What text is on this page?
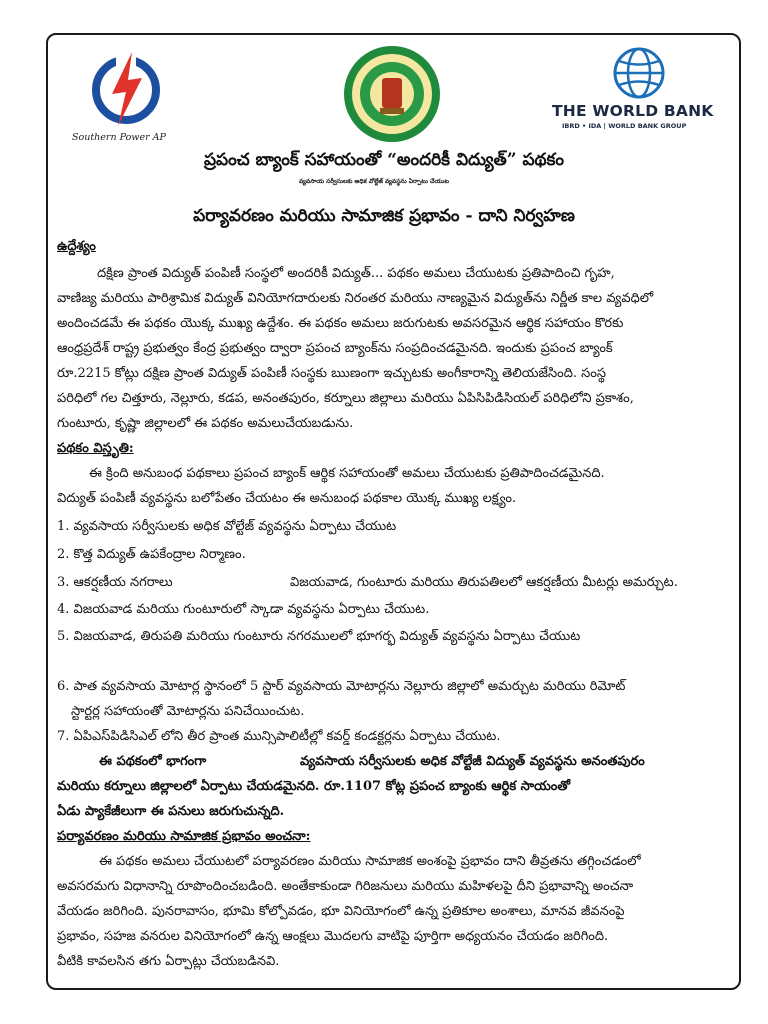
Southern Power AP
THE WORLD BANK
IBRD • IDA | WORLD BANK GROUP
ప్రపంచ బ్యాంక్ సహాయంతో “అందరికీ విద్యుత్” పథకం
వ్యవసాయ సర్వీసులకు అధిక వోల్టేజ్ వ్యవస్థను ఏర్పాటు చేయుట
పర్యావరణం మరియు సామాజిక ప్రభావం - దాని నిర్వహణ
ఉద్దేశ్యం
దక్షిణ ప్రాంత విద్యుత్ పంపిణీ సంస్థలో అందరికీ విద్యుత్... పథకం అమలు చేయుటకు ప్రతిపాదించి గృహ,
వాణిజ్య మరియు పారిశ్రామిక విద్యుత్ వినియోగదారులకు నిరంతర మరియు నాణ్యమైన విద్యుత్‌ను నిర్ణీత కాల వ్యవధిలో
అందించడమే ఈ పథకం యొక్క ముఖ్య ఉద్దేశం. ఈ పథకం అమలు జరుగుటకు అవసరమైన ఆర్థిక సహాయం కొరకు
ఆంధ్రప్రదేశ్ రాష్ట్ర ప్రభుత్వం కేంద్ర ప్రభుత్వం ద్వారా ప్రపంచ బ్యాంక్‌ను సంప్రదించడమైనది. ఇందుకు ప్రపంచ బ్యాంక్
రూ.2215 కోట్లు దక్షిణ ప్రాంత విద్యుత్ పంపిణీ సంస్థకు ఋణంగా ఇచ్చుటకు అంగీకారాన్ని తెలియజేసింది. సంస్థ
పరిధిలో గల చిత్తూరు, నెల్లూరు, కడప, అనంతపురం, కర్నూలు జిల్లాలు మరియు ఏపిసిపిడిసియల్ పరిధిలోని ప్రకాశం,
గుంటూరు, కృష్ణా జిల్లాలలో ఈ పథకం అమలుచేయబడును.
పథకం విస్తృతి:
ఈ క్రింది అనుబంధ పథకాలు ప్రపంచ బ్యాంక్ ఆర్థిక సహాయంతో అమలు చేయుటకు ప్రతిపాదించడమైనది.
విద్యుత్ పంపిణీ వ్యవస్థను బలోపేతం చేయటం ఈ అనుబంధ పథకాల యొక్క ముఖ్య లక్ష్యం.
1. వ్యవసాయ సర్వీసులకు అధిక వోల్టేజ్ వ్యవస్థను ఏర్పాటు చేయుట
2. కొత్త విద్యుత్ ఉపకేంద్రాల నిర్మాణం.
3. ఆకర్షణీయ నగరాలు	విజయవాడ, గుంటూరు మరియు తిరుపతిలలో ఆకర్షణీయ మీటర్లు అమర్చుట.
4. విజయవాడ మరియు గుంటూరులో స్కాడా వ్యవస్థను ఏర్పాటు చేయుట.
5. విజయవాడ, తిరుపతి మరియు గుంటూరు నగరములలో భూగర్భ విద్యుత్ వ్యవస్థను ఏర్పాటు చేయుట
6. పాత వ్యవసాయ మోటార్ల స్థానంలో 5 స్టార్ వ్యవసాయ మోటార్లను నెల్లూరు జిల్లాలో అమర్చుట మరియు రిమోట్
స్టార్టర్ల సహాయంతో మోటార్లను పనిచేయించుట.
7. ఏపిఎస్‌పిడిసిఎల్ లోని తీర ప్రాంత మున్సిపాలిటీల్లో కవర్డ్ కండక్టర్లను ఏర్పాటు చేయుట.
ఈ పథకంలో భాగంగా	వ్యవసాయ సర్వీసులకు అధిక వోల్టేజీ విద్యుత్ వ్యవస్థను అనంతపురం
మరియు కర్నూలు జిల్లాలలో ఏర్పాటు చేయడమైనది. రూ.1107 కోట్ల ప్రపంచ బ్యాంకు ఆర్థిక సాయంతో
ఏడు ప్యాకేజీలుగా ఈ పనులు జరుగుచున్నది.
పర్యావరణం మరియు సామాజిక ప్రభావం అంచనా:
ఈ పథకం అమలు చేయుటలో పర్యావరణం మరియు సామాజిక అంశంపై ప్రభావం దాని తీవ్రతను తగ్గించడంలో
అవసరమగు విధానాన్ని రూపొందించబడింది. అంతేకాకుండా గిరిజనులు మరియు మహిళలపై దీని ప్రభావాన్ని అంచనా
వేయడం జరిగింది. పునరావాసం, భూమి కోల్పోవడం, భూ వినియోగంలో ఉన్న ప్రతికూల అంశాలు, మానవ జీవనంపై
ప్రభావం, సహజ వనరుల వినియోగంలో ఉన్న ఆంక్షలు మొదలగు వాటిపై పూర్తిగా అధ్యయనం చేయడం జరిగింది.
వీటికి కావలసిన తగు ఏర్పాట్లు చేయబడినవి.
